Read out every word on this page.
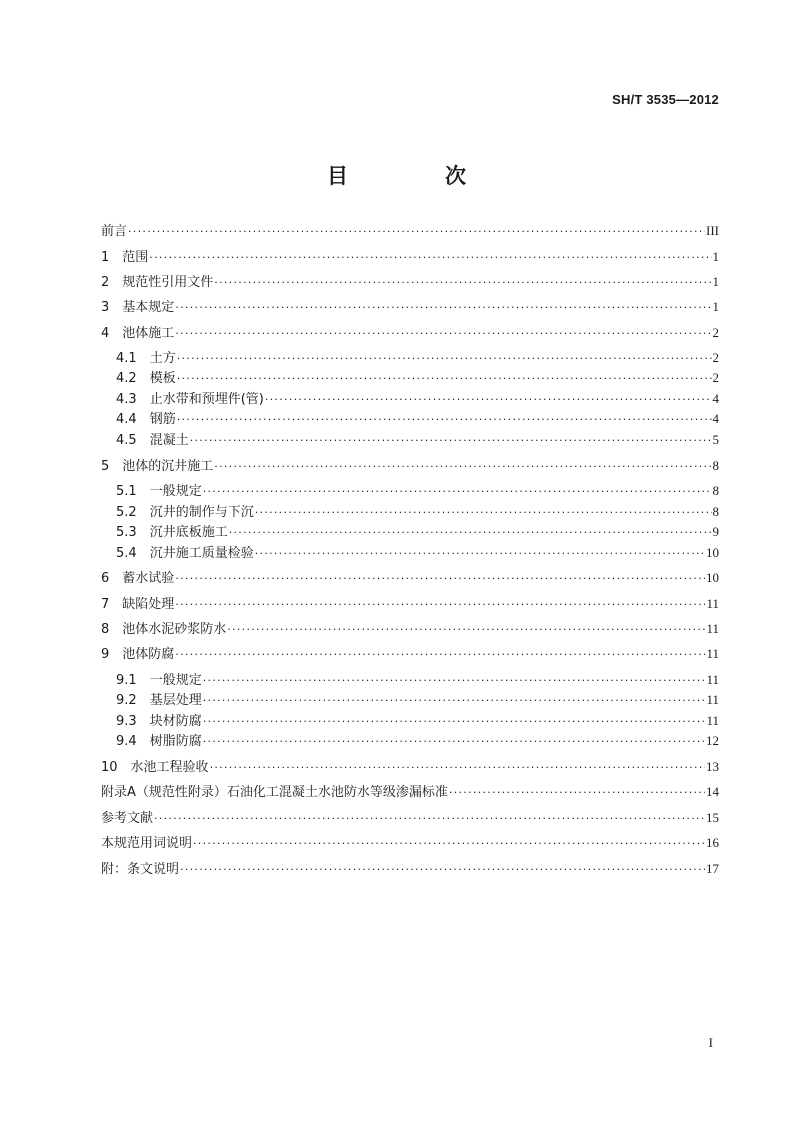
SH/T 3535—2012
目　次
前言 ·····	III
1　 范围 ·····	1
2　 规范性引用文件 ·····	1
3　 基本规定 ·····	1
4　 池体施工 ·····	2
4.1　 土方 ·····	2
4.2　 模板 ·····	2
4.3　 止水带和预埋件(管) ·····	4
4.4　 钢筋 ·····	4
4.5　 混凝土 ·····	5
5　 池体的沉井施工 ·····	8
5.1　 一般规定 ·····	8
5.2　 沉井的制作与下沉 ·····	8
5.3　 沉井底板施工 ·····	9
5.4　 沉井施工质量检验 ·····	10
6　 蓄水试验 ·····	10
7　 缺陷处理 ·····	11
8　 池体水泥砂浆防水 ·····	11
9　 池体防腐 ·····	11
9.1　 一般规定 ·····	11
9.2　 基层处理 ·····	11
9.3　 块材防腐 ·····	11
9.4　 树脂防腐 ·····	12
10　 水池工程验收 ·····	13
附录A（规范性附录）石油化工混凝土水池防水等级渗漏标准 ·····	14
参考文献 ·····	15
本规范用词说明 ·····	16
附：条文说明 ·····	17
I
